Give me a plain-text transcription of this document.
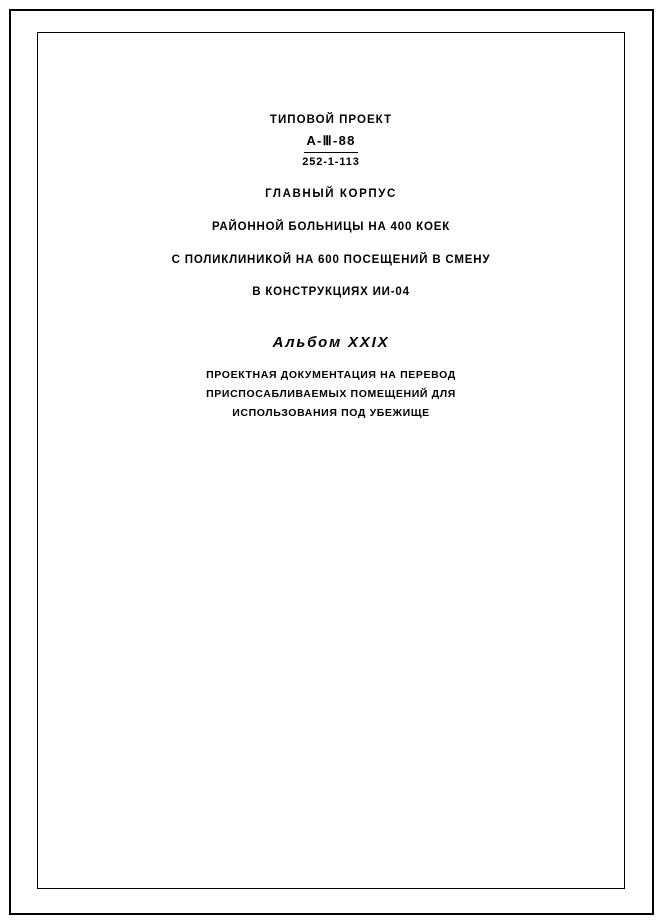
ТИПОВОЙ ПРОЕКТ
А-Ⅲ-88
252-1-113
ГЛАВНЫЙ КОРПУС
РАЙОННОЙ БОЛЬНИЦЫ НА 400 КОЕК
С ПОЛИКЛИНИКОЙ НА 600 ПОСЕЩЕНИЙ В СМЕНУ
В КОНСТРУКЦИЯХ ИИ-04
Альбом XXIX
ПРОЕКТНАЯ ДОКУМЕНТАЦИЯ НА ПЕРЕВОД
ПРИСПОСАБЛИВАЕМЫХ ПОМЕЩЕНИЙ ДЛЯ
ИСПОЛЬЗОВАНИЯ ПОД УБЕЖИЩЕ
